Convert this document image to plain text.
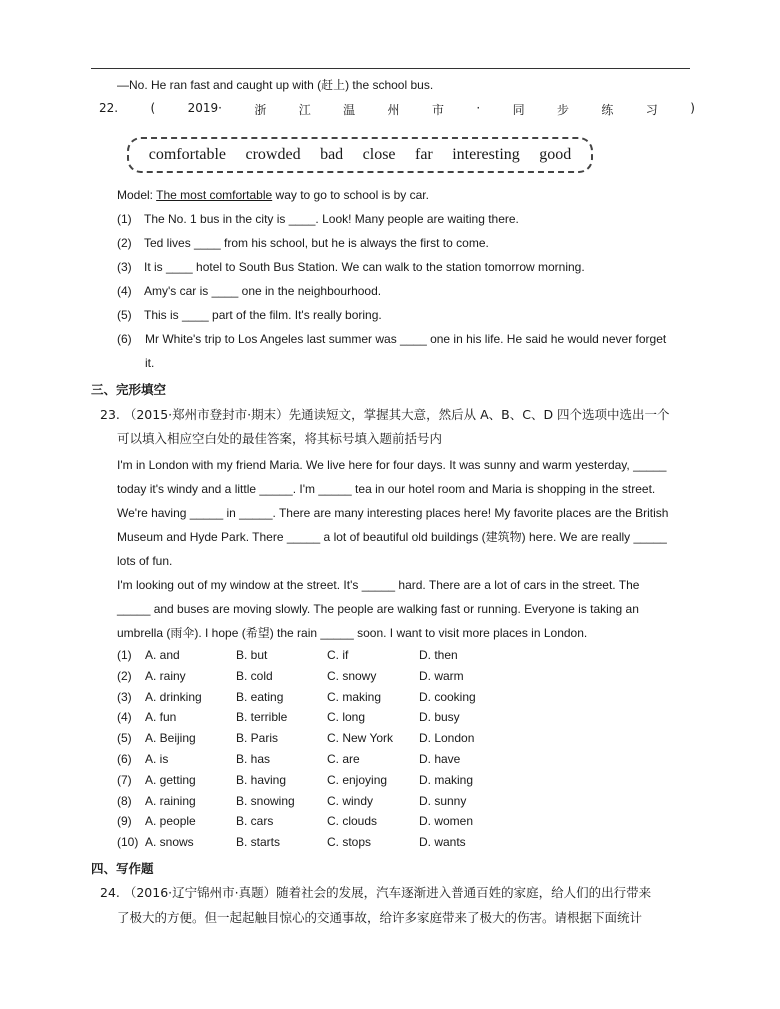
—No. He ran fast and caught up with (赶上) the school bus.
22.	(	2019·	浙	江	温	州	市	·	同	步	练	习	)
comfortable crowded bad close far interesting good
Model: The most comfortable way to go to school is by car.
(1) The No. 1 bus in the city is ____. Look! Many people are waiting there.
(2) Ted lives ____ from his school, but he is always the first to come.
(3) It is ____ hotel to South Bus Station. We can walk to the station tomorrow morning.
(4) Amy's car is ____ one in the neighbourhood.
(5) This is ____ part of the film. It's really boring.
(6) Mr White's trip to Los Angeles last summer was ____ one in his life. He said he would never forget
it.
三、完形填空
23. （2015·郑州市登封市·期末）先通读短文，掌握其大意，然后从 A、B、C、D 四个选项中选出一个
可以填入相应空白处的最佳答案，将其标号填入题前括号内
I'm in London with my friend Maria. We live here for four days. It was sunny and warm yesterday, _____
today it's windy and a little _____. I'm _____ tea in our hotel room and Maria is shopping in the street.
We're having _____ in _____. There are many interesting places here! My favorite places are the British
Museum and Hyde Park. There _____ a lot of beautiful old buildings (建筑物) here. We are really _____
lots of fun.
I'm looking out of my window at the street. It's _____ hard. There are a lot of cars in the street. The
_____ and buses are moving slowly. The people are walking fast or running. Everyone is taking an
umbrella (雨伞). I hope (希望) the rain _____ soon. I want to visit more places in London.
(1) A. and	B. but	C. if	D. then
(2) A. rainy	B. cold	C. snowy	D. warm
(3) A. drinking	B. eating	C. making	D. cooking
(4) A. fun	B. terrible	C. long	D. busy
(5) A. Beijing	B. Paris	C. New York D. London
(6) A. is	B. has	C. are	D. have
(7) A. getting	B. having	C. enjoying	D. making
(8) A. raining	B. snowing	C. windy	D. sunny
(9) A. people	B. cars	C. clouds	D. women
(10) A. snows	B. starts	C. stops	D. wants
四、写作题
24. （2016·辽宁锦州市·真题）随着社会的发展，汽车逐渐进入普通百姓的家庭，给人们的出行带来
了极大的方便。但一起起触目惊心的交通事故，给许多家庭带来了极大的伤害。请根据下面统计
